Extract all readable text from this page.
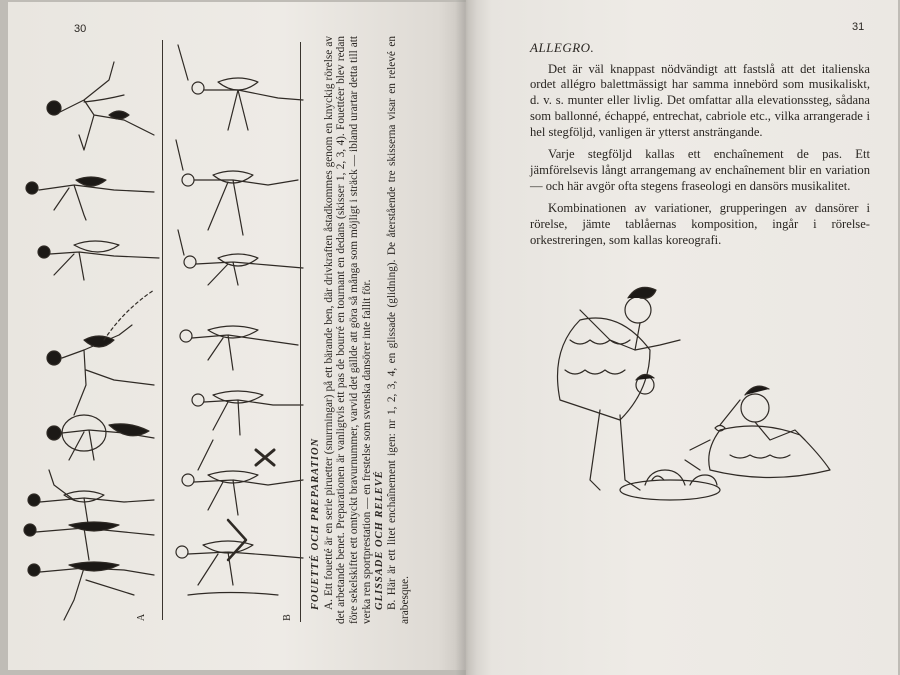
30	31
A	B

FOUETTÉ OCH PREPARATION A. Ett fouetté är en serie piruetter (snurrningar) på ett bärande ben, där drivkraften åstadkommes genom en knyckig rörelse av det arbetande benet. Preparationen är vanligtvis ett pas de bourré en tournant en dedans (skisser 1, 2, 3, 4). Fouettéer blev redan före sekelskiftet ett omtyckt bravurnummer, varvid det gällde att göra så många som möjligt i sträck — ibland urartar detta till att verka ren sportprestation — en frestelse som svenska dansörer inte fallit för. GLISSADE OCH RELEVÉ B. Här är ett litet enchaînement igen: nr 1, 2, 3, 4, en glissade (glidning). De återstående tre skisserna visar en relevé en arabesque.

ALLEGRO.

Det är väl knappast nödvändigt att fastslå att det italienska ordet allégro balettmässigt har samma innebörd som musikaliskt, d. v. s. munter eller livlig. Det omfattar alla elevationssteg, sådana som ballonné, échappé, entrechat, cabriole etc., vilka arrangerade i hel stegföljd, vanligen är ytterst ansträngande.

Varje stegföljd kallas ett enchaînement de pas. Ett jämförelsevis långt arrangemang av enchaînement blir en variation — och här avgör ofta stegens fraseologi en dansörs musikalitet.

Kombinationen av variationer, grupperingen av dansörer i rörelse, jämte tablåernas komposition, ingår i rörelse-orkestreringen, som kallas koreografi.
